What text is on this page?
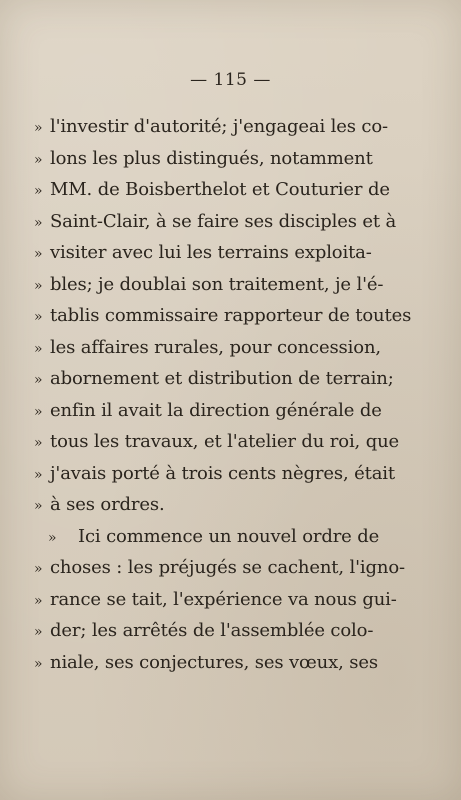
— 115 —
» l'investir d'autorité; j'engageai les co-
» lons les plus distingués, notamment
» MM. de Boisberthelot et Couturier de
» Saint-Clair, à se faire ses disciples et à
» visiter avec lui les terrains exploita-
» bles; je doublai son traitement, je l'é-
» tablis commissaire rapporteur de toutes
» les affaires rurales, pour concession,
» abornement et distribution de terrain;
» enfin il avait la direction générale de
» tous les travaux, et l'atelier du roi, que
» j'avais porté à trois cents nègres, était
» à ses ordres.
»	Ici commence un nouvel ordre de
» choses : les préjugés se cachent, l'igno-
» rance se tait, l'expérience va nous gui-
» der; les arrêtés de l'assemblée colo-
» niale, ses conjectures, ses vœux, ses
